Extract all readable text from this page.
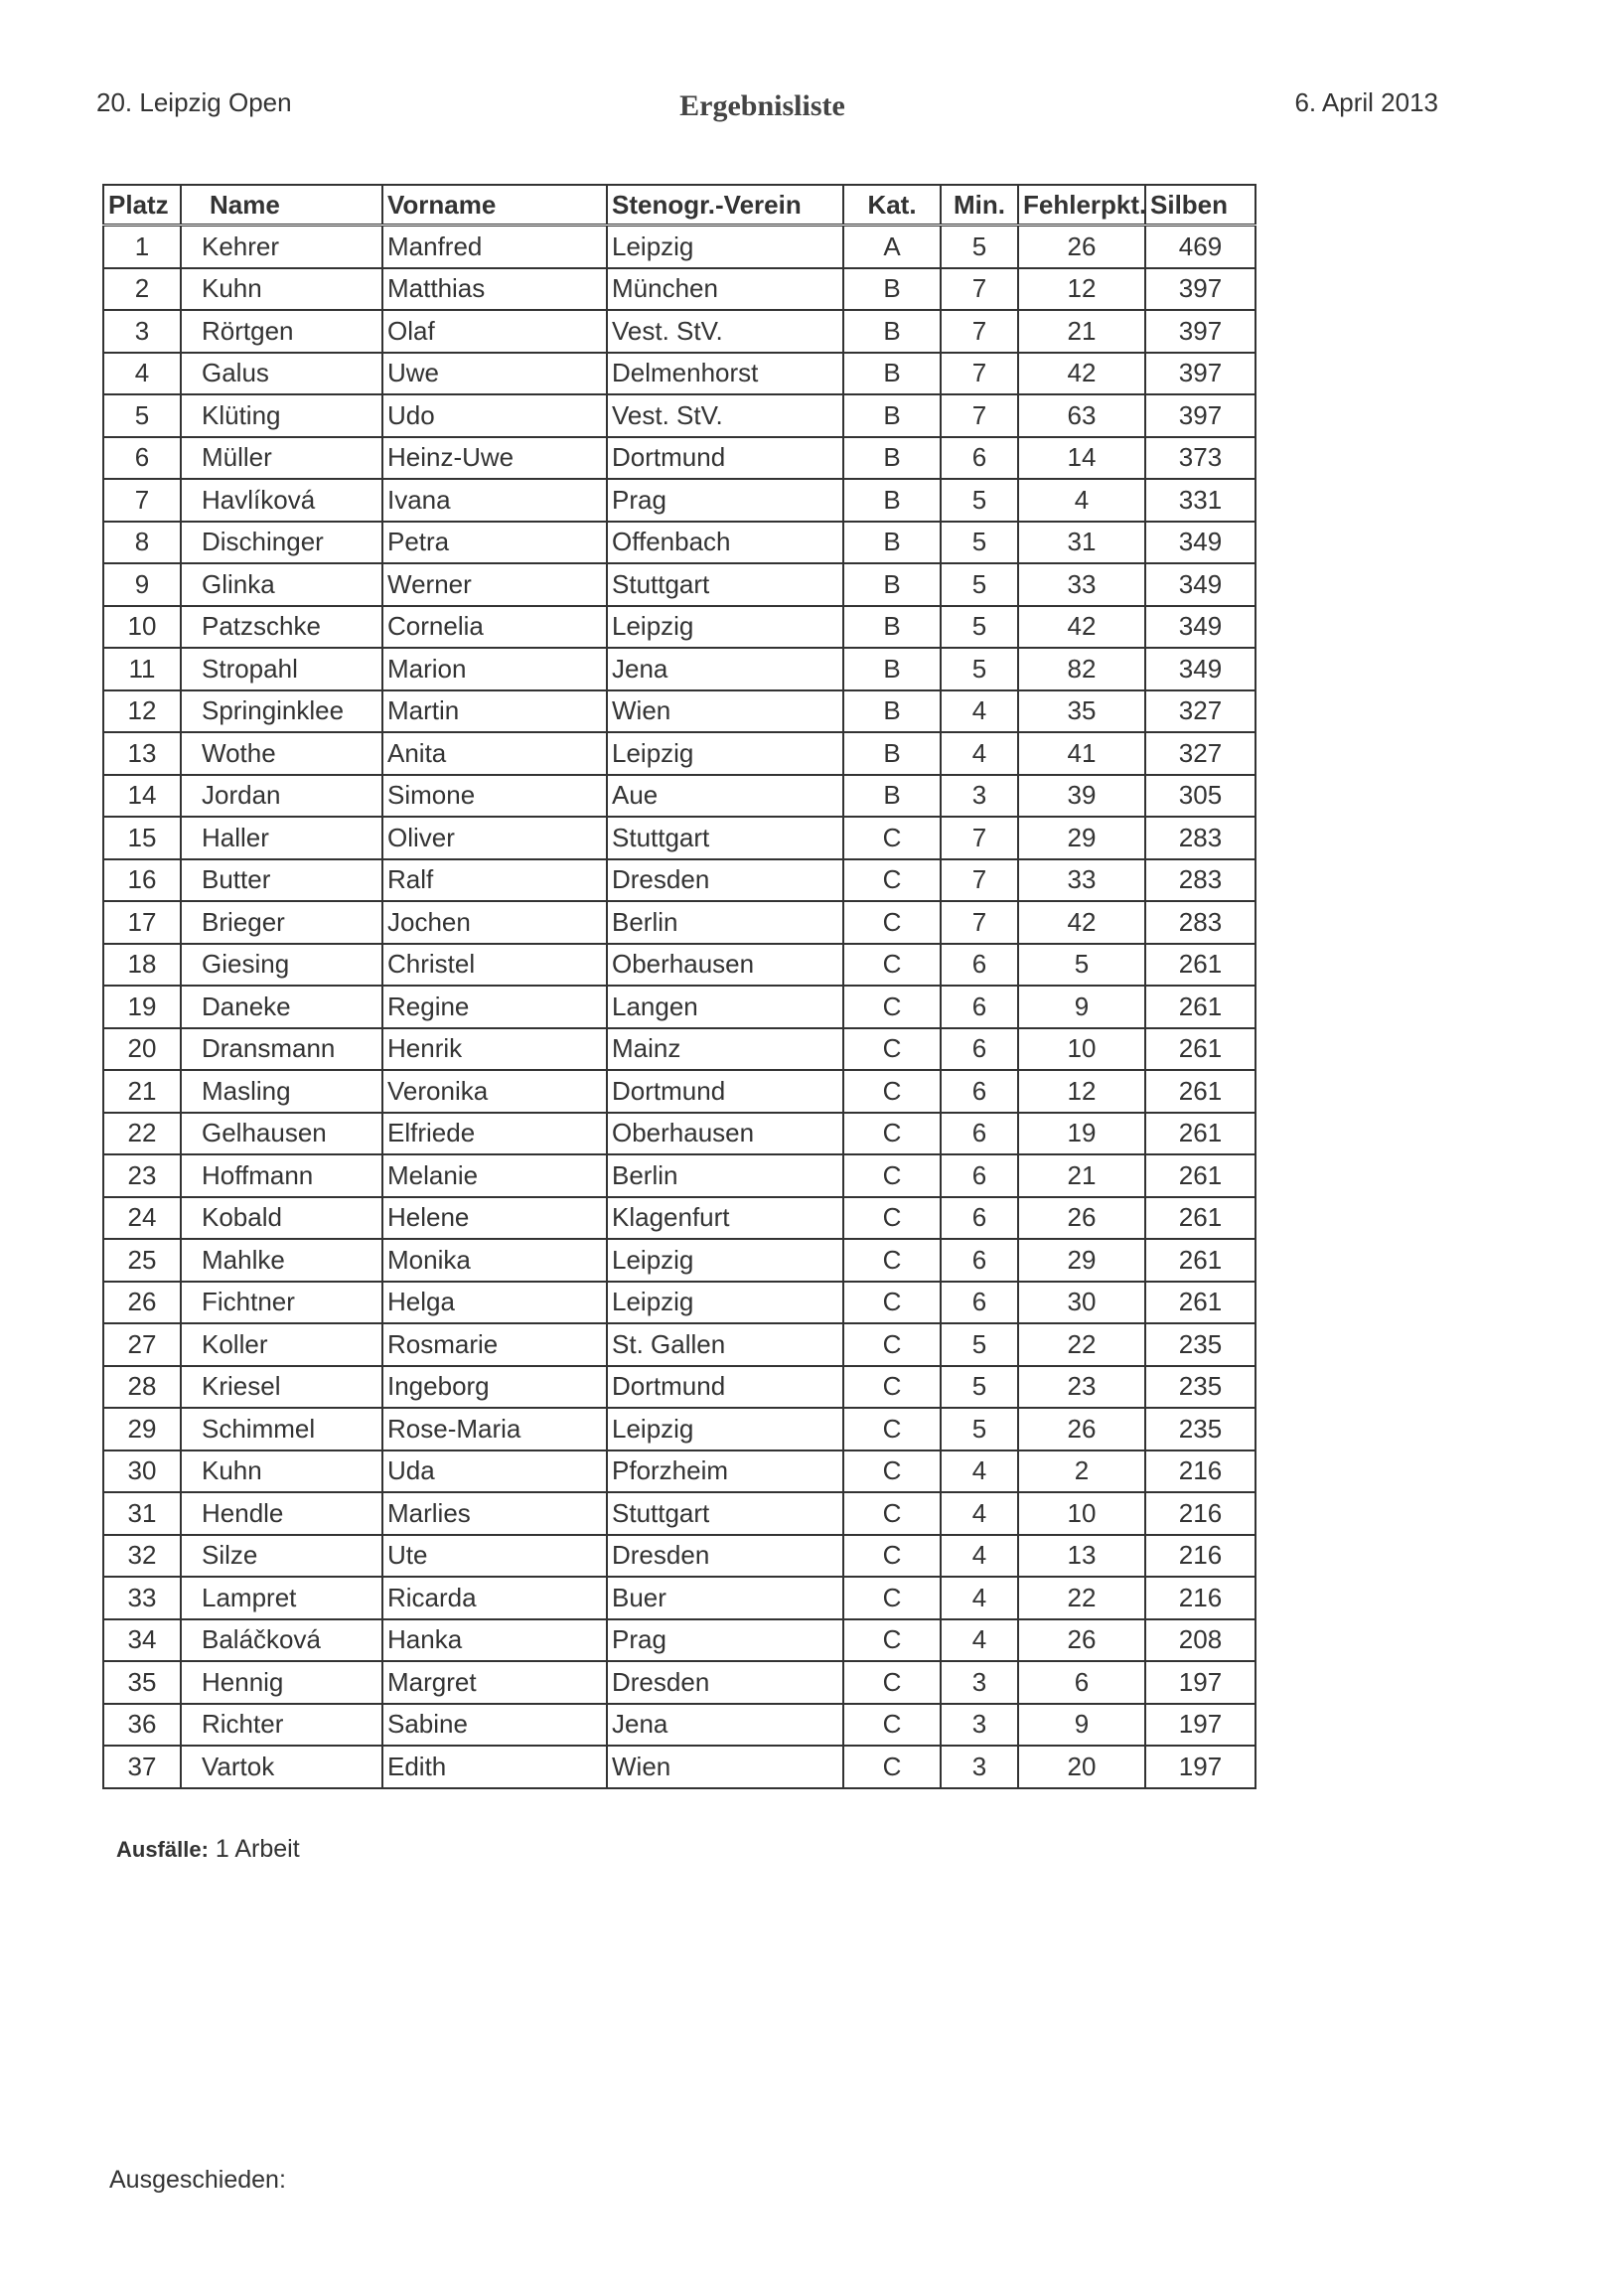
20. Leipzig Open	Ergebnisliste	6. April 2013
Platz	Name	Vorname	Stenogr.-Verein	Kat.	Min.	Fehlerpkt.	Silben
1	Kehrer	Manfred	Leipzig	A	5	26	469
2	Kuhn	Matthias	München	B	7	12	397
3	Rörtgen	Olaf	Vest. StV.	B	7	21	397
4	Galus	Uwe	Delmenhorst	B	7	42	397
5	Klüting	Udo	Vest. StV.	B	7	63	397
6	Müller	Heinz-Uwe	Dortmund	B	6	14	373
7	Havlíková	Ivana	Prag	B	5	4	331
8	Dischinger	Petra	Offenbach	B	5	31	349
9	Glinka	Werner	Stuttgart	B	5	33	349
10	Patzschke	Cornelia	Leipzig	B	5	42	349
11	Stropahl	Marion	Jena	B	5	82	349
12	Springinklee	Martin	Wien	B	4	35	327
13	Wothe	Anita	Leipzig	B	4	41	327
14	Jordan	Simone	Aue	B	3	39	305
15	Haller	Oliver	Stuttgart	C	7	29	283
16	Butter	Ralf	Dresden	C	7	33	283
17	Brieger	Jochen	Berlin	C	7	42	283
18	Giesing	Christel	Oberhausen	C	6	5	261
19	Daneke	Regine	Langen	C	6	9	261
20	Dransmann	Henrik	Mainz	C	6	10	261
21	Masling	Veronika	Dortmund	C	6	12	261
22	Gelhausen	Elfriede	Oberhausen	C	6	19	261
23	Hoffmann	Melanie	Berlin	C	6	21	261
24	Kobald	Helene	Klagenfurt	C	6	26	261
25	Mahlke	Monika	Leipzig	C	6	29	261
26	Fichtner	Helga	Leipzig	C	6	30	261
27	Koller	Rosmarie	St. Gallen	C	5	22	235
28	Kriesel	Ingeborg	Dortmund	C	5	23	235
29	Schimmel	Rose-Maria	Leipzig	C	5	26	235
30	Kuhn	Uda	Pforzheim	C	4	2	216
31	Hendle	Marlies	Stuttgart	C	4	10	216
32	Silze	Ute	Dresden	C	4	13	216
33	Lampret	Ricarda	Buer	C	4	22	216
34	Baláčková	Hanka	Prag	C	4	26	208
35	Hennig	Margret	Dresden	C	3	6	197
36	Richter	Sabine	Jena	C	3	9	197
37	Vartok	Edith	Wien	C	3	20	197
Ausfälle: 1 Arbeit
Ausgeschieden:
